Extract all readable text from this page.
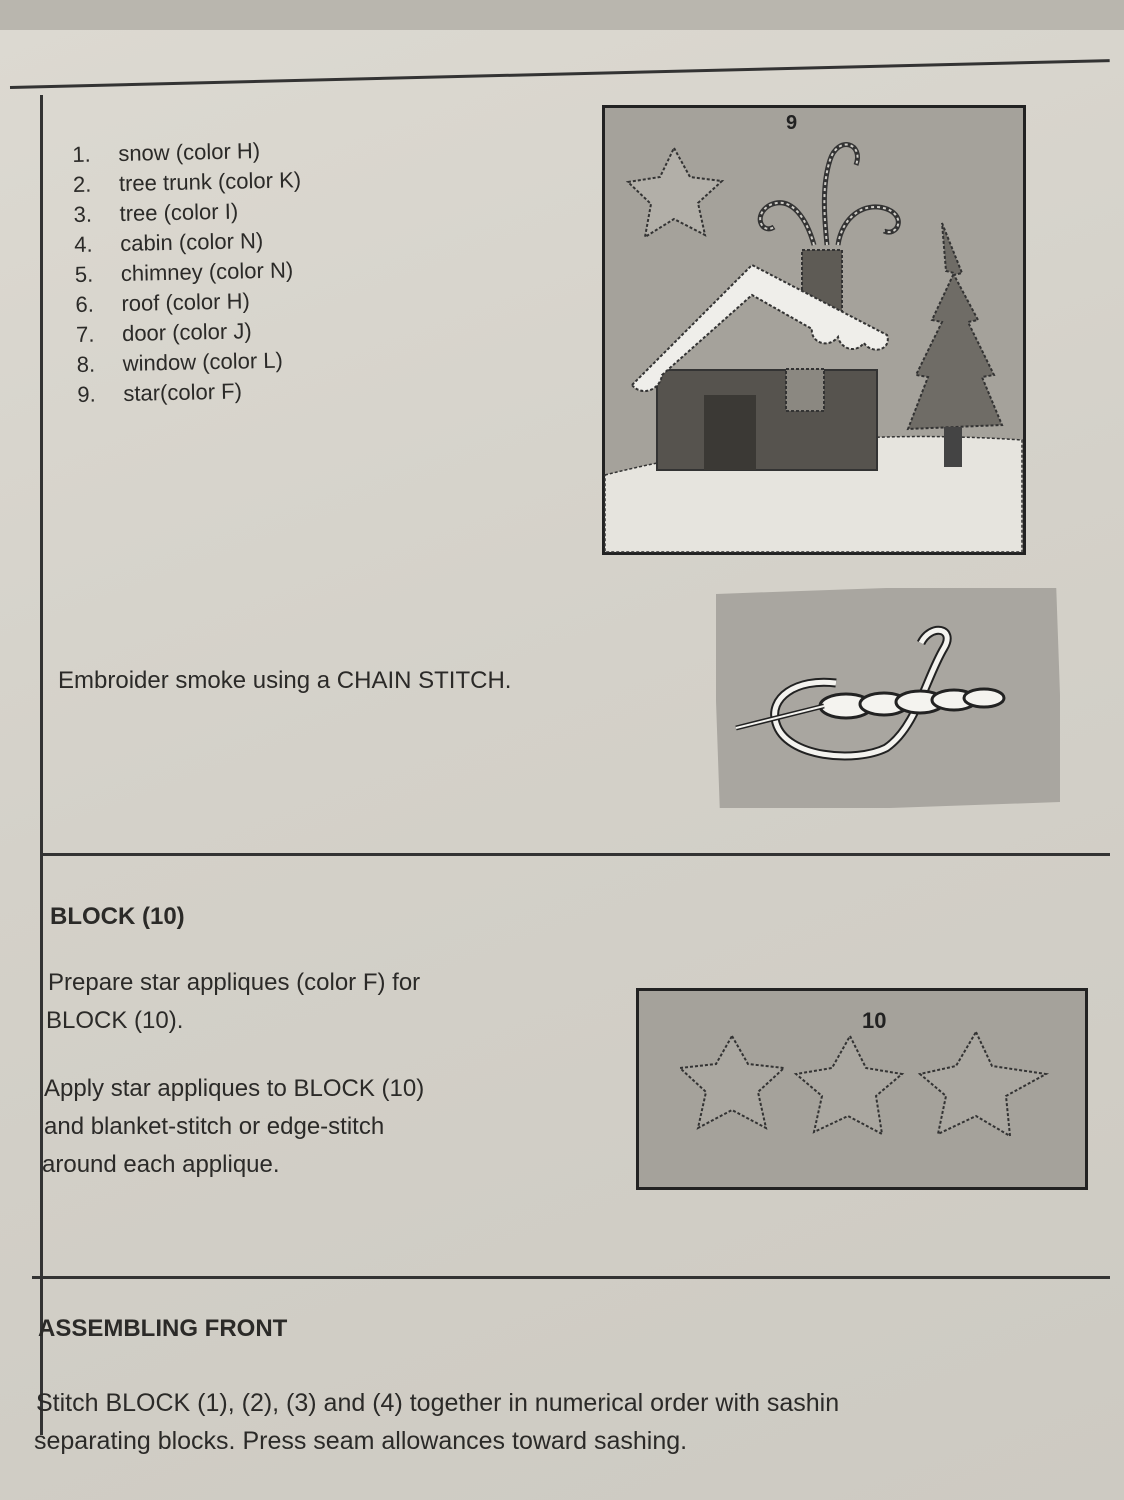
1.	snow (color H)
2.	tree trunk (color K)
3.	tree (color I)
4.	cabin (color N)
5.	chimney (color N)
6.	roof (color H)
7.	door (color J)
8.	window (color L)
9.	star(color F)
9
Embroider smoke using a CHAIN STITCH.
BLOCK (10)
Prepare star appliques (color F) for
BLOCK (10).
Apply star appliques to BLOCK (10)
and blanket-stitch or edge-stitch
around each applique.
10
ASSEMBLING FRONT
Stitch BLOCK (1), (2), (3) and (4) together in numerical order with sashin
separating blocks. Press seam allowances toward sashing.
